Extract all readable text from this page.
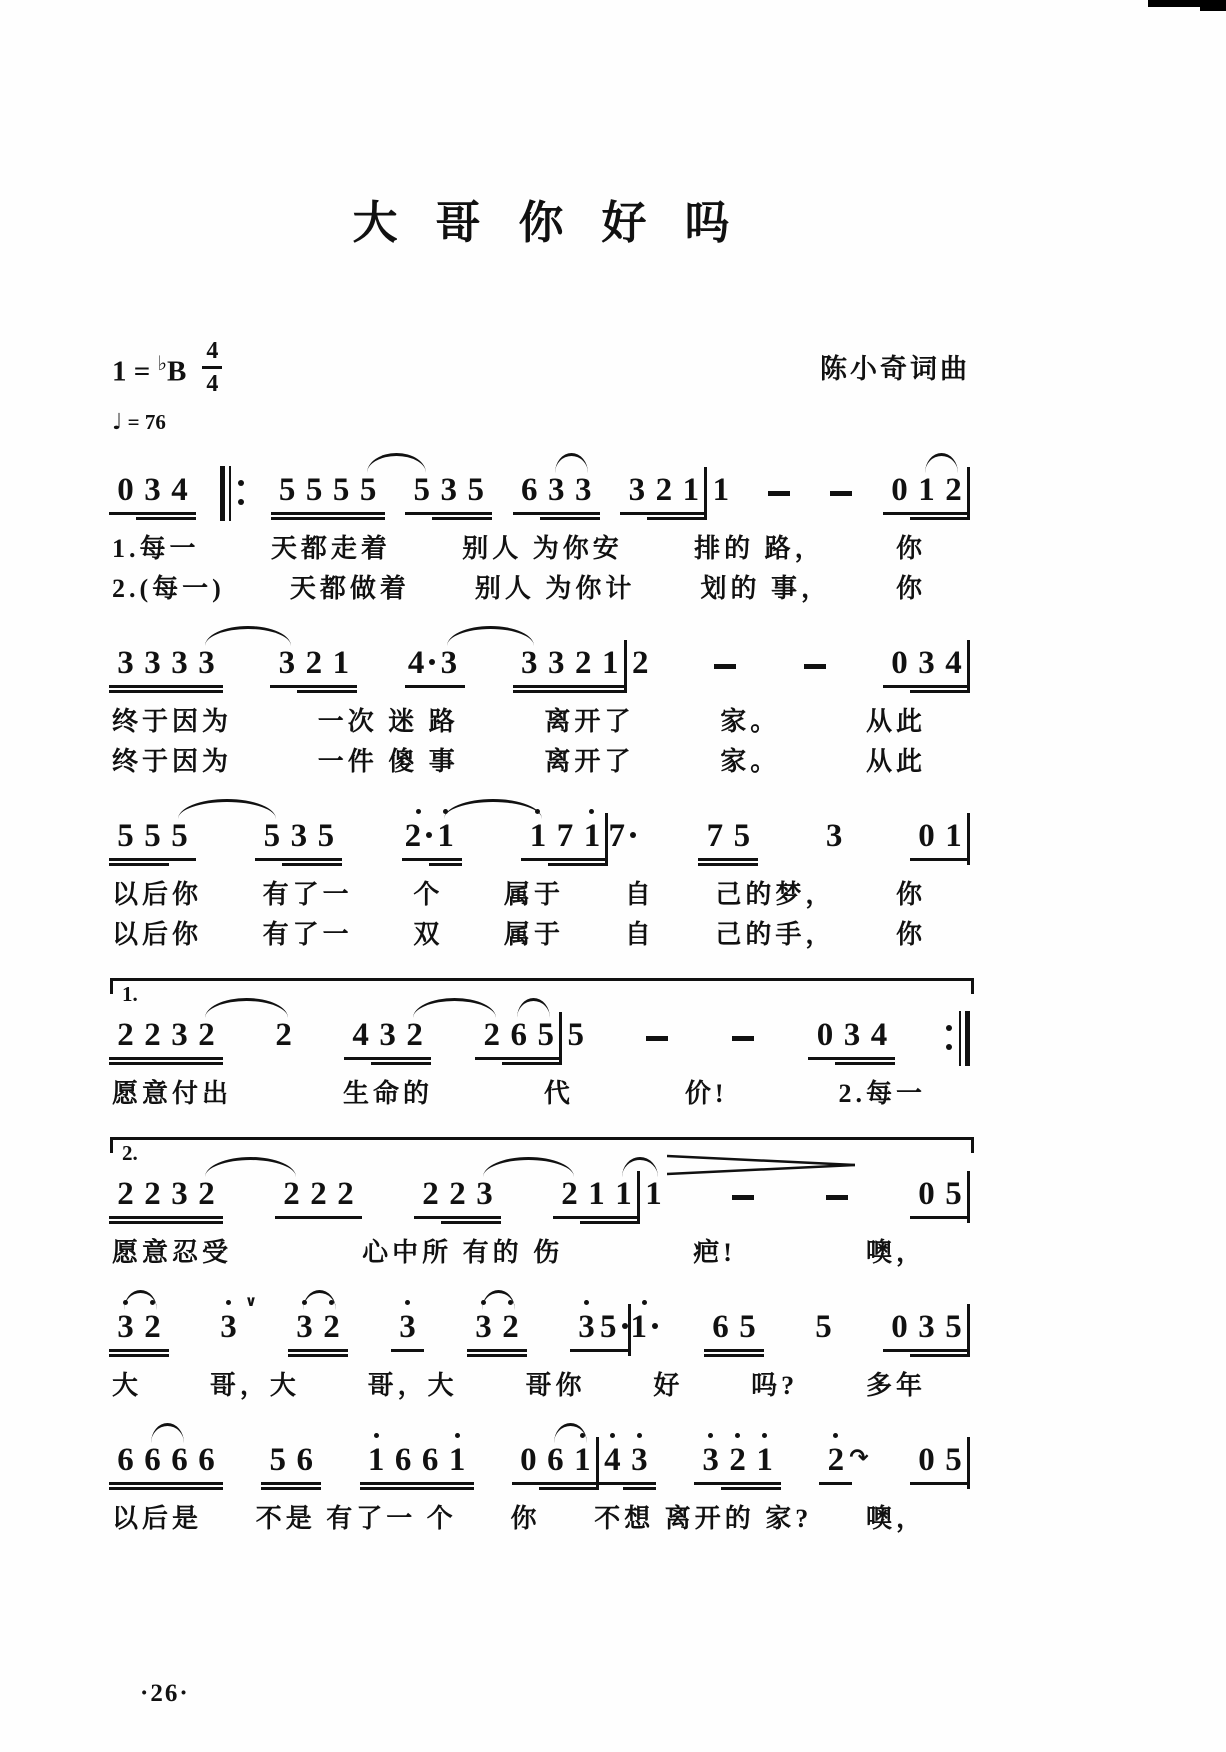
大哥你好吗
1 = ♭B
4
4	陈小奇词曲
♩ = 76
0 3 4	5 5 5 5 5 3 5 6 3 3 3 2 1 1	0 1 2
1.每一	天都走着	别人 为你安	排的 路，	你
2.(每一)	天都做着	别人 为你计	划的 事，	你
3 3 3 3 3 2 1 4 3 3 3 2 1 2	0 3 4
终于因为	一次 迷 路	离开了	家。	从此
终于因为	一件 傻 事	离开了	家。	从此
5 5 5 5 3 5 2 1 1 7 1 7	7 5 3 0 1
以后你 有了一 个 属于 自 己的梦， 你
以后你 有了一 双 属于 自 己的手， 你
1.
2 2 3 2 2 4 3 2 2 6 5 5	0 3 4
愿意付出	生命的	代	价!	2.每一
2.
2 2 3 2 2 2 2 2 2 3 2 1 1 1	0 5
愿意忍受	心中所 有的 伤	疤!	噢，
3 2 3
∨
3 2 3 3 2 3 5 1	6 5 5 0 3 5
大	哥，大	哥，大	哥你	好	吗?	多年
6 6 6 6 5 6 1 6 6 1 0 6 1 4 3 3 2 1 2 ↷ 0 5
以后是 不是 有了一 个 你 不想 离开的 家? 噢，
·26·
